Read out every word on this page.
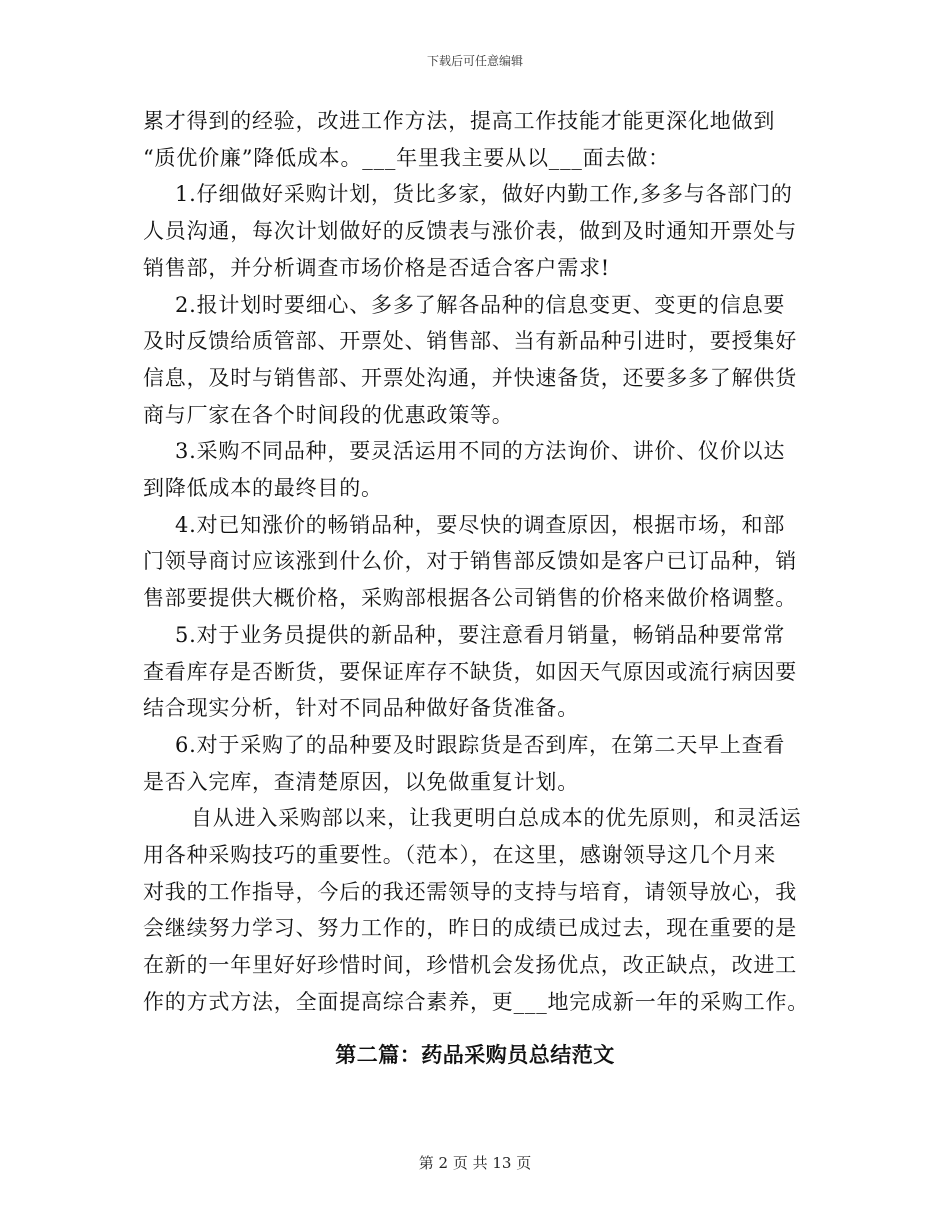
下载后可任意编辑
累才得到的经验，改进工作方法，提高工作技能才能更深化地做到
“质优价廉”降低成本。___年里我主要从以___面去做：
1.仔细做好采购计划，货比多家，做好内勤工作,多多与各部门的
人员沟通，每次计划做好的反馈表与涨价表，做到及时通知开票处与
销售部，并分析调查市场价格是否适合客户需求!
2.报计划时要细心、多多了解各品种的信息变更、变更的信息要
及时反馈给质管部、开票处、销售部、当有新品种引进时，要授集好
信息，及时与销售部、开票处沟通，并快速备货，还要多多了解供货
商与厂家在各个时间段的优惠政策等。
3.采购不同品种，要灵活运用不同的方法询价、讲价、仪价以达
到降低成本的最终目的。
4.对已知涨价的畅销品种，要尽快的调查原因，根据市场，和部
门领导商讨应该涨到什么价，对于销售部反馈如是客户已订品种，销
售部要提供大概价格，采购部根据各公司销售的价格来做价格调整。
5.对于业务员提供的新品种，要注意看月销量，畅销品种要常常
查看库存是否断货，要保证库存不缺货，如因天气原因或流行病因要
结合现实分析，针对不同品种做好备货准备。
6.对于采购了的品种要及时跟踪货是否到库，在第二天早上查看
是否入完库，查清楚原因，以免做重复计划。
自从进入采购部以来，让我更明白总成本的优先原则，和灵活运
用各种采购技巧的重要性。（范本），在这里，感谢领导这几个月来
对我的工作指导，今后的我还需领导的支持与培育，请领导放心，我
会继续努力学习、努力工作的，昨日的成绩已成过去，现在重要的是
在新的一年里好好珍惜时间，珍惜机会发扬优点，改正缺点，改进工
作的方式方法，全面提高综合素养，更___地完成新一年的采购工作。
第二篇：药品采购员总结范文
第 2 页 共 13 页
